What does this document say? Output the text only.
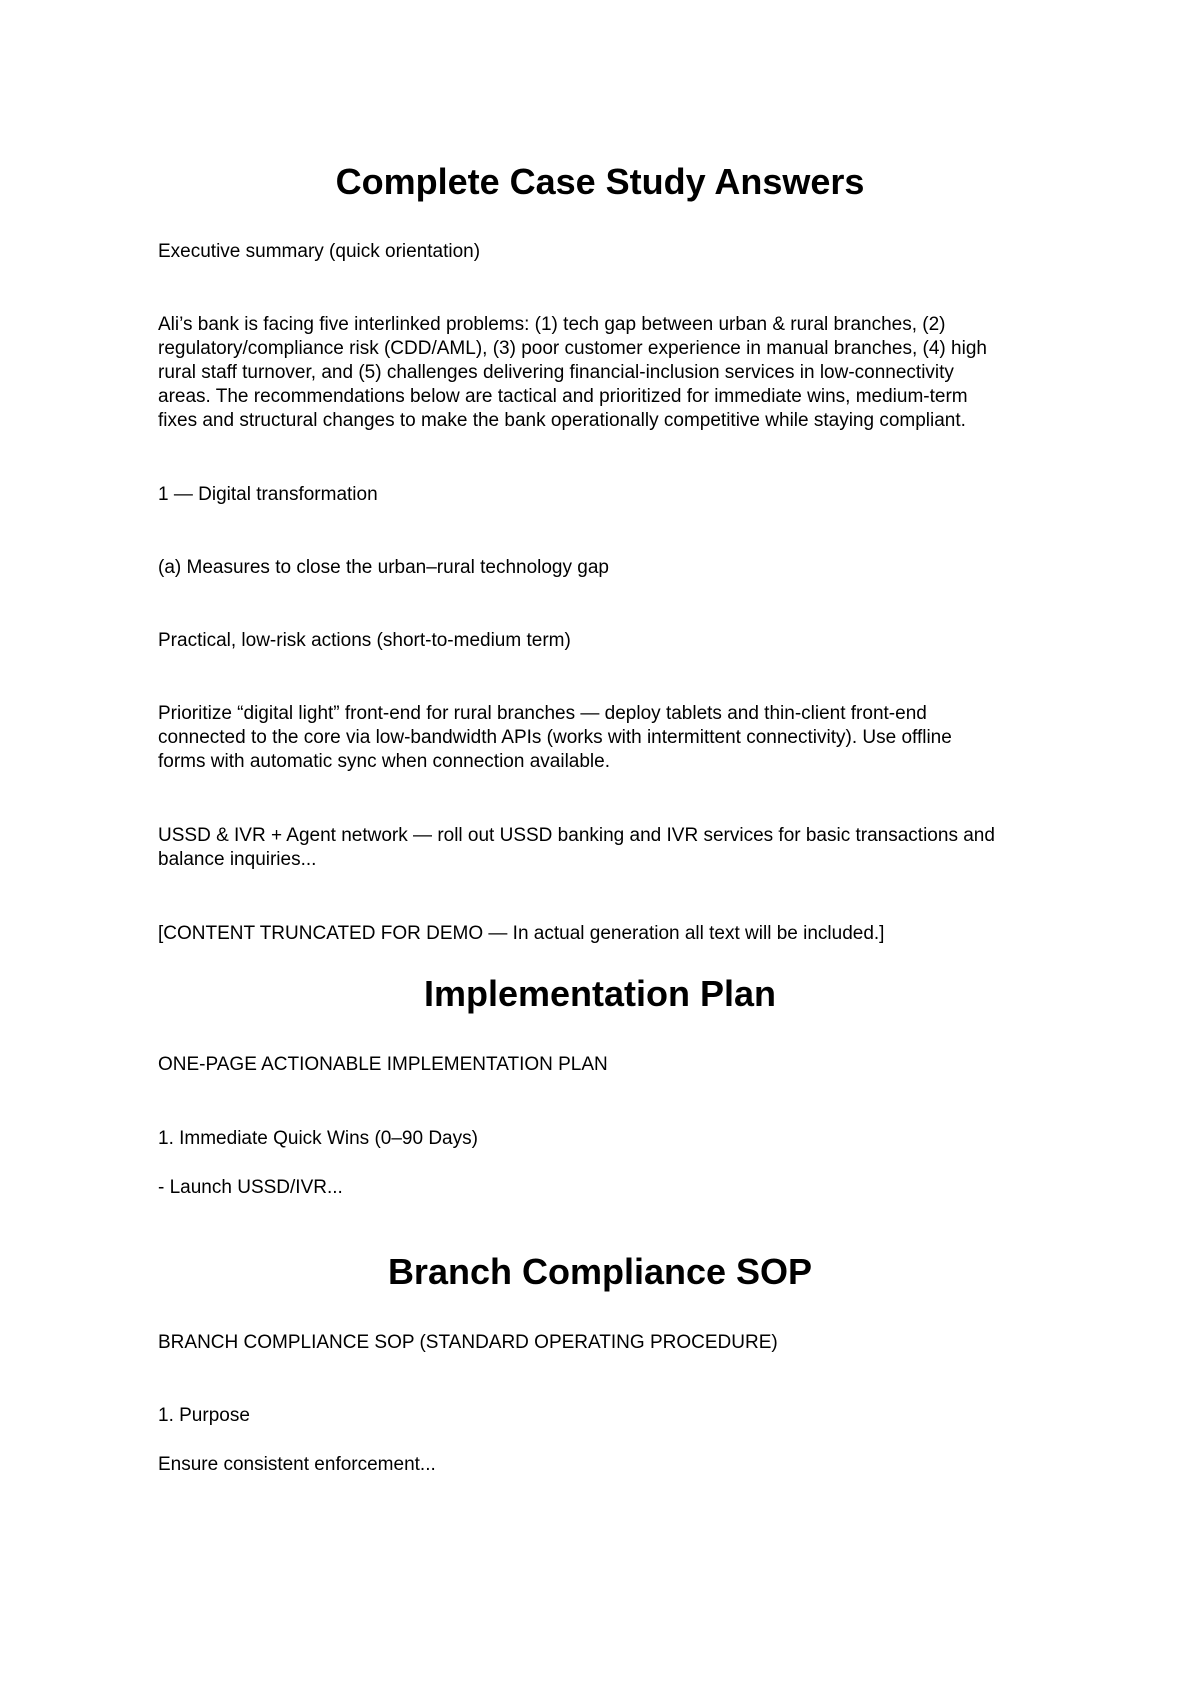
Complete Case Study Answers

Executive summary (quick orientation)

Ali’s bank is facing five interlinked problems: (1) tech gap between urban & rural branches, (2)

regulatory/compliance risk (CDD/AML), (3) poor customer experience in manual branches, (4) high

rural staff turnover, and (5) challenges delivering financial-inclusion services in low-connectivity

areas. The recommendations below are tactical and prioritized for immediate wins, medium-term

fixes and structural changes to make the bank operationally competitive while staying compliant.

1 — Digital transformation

(a) Measures to close the urban–rural technology gap

Practical, low-risk actions (short-to-medium term)

Prioritize “digital light” front-end for rural branches — deploy tablets and thin-client front-end

connected to the core via low-bandwidth APIs (works with intermittent connectivity). Use offline

forms with automatic sync when connection available.

USSD & IVR + Agent network — roll out USSD banking and IVR services for basic transactions and

balance inquiries...

[CONTENT TRUNCATED FOR DEMO — In actual generation all text will be included.]

Implementation Plan

ONE-PAGE ACTIONABLE IMPLEMENTATION PLAN

1. Immediate Quick Wins (0–90 Days)

- Launch USSD/IVR...

Branch Compliance SOP

BRANCH COMPLIANCE SOP (STANDARD OPERATING PROCEDURE)

1. Purpose

Ensure consistent enforcement...
